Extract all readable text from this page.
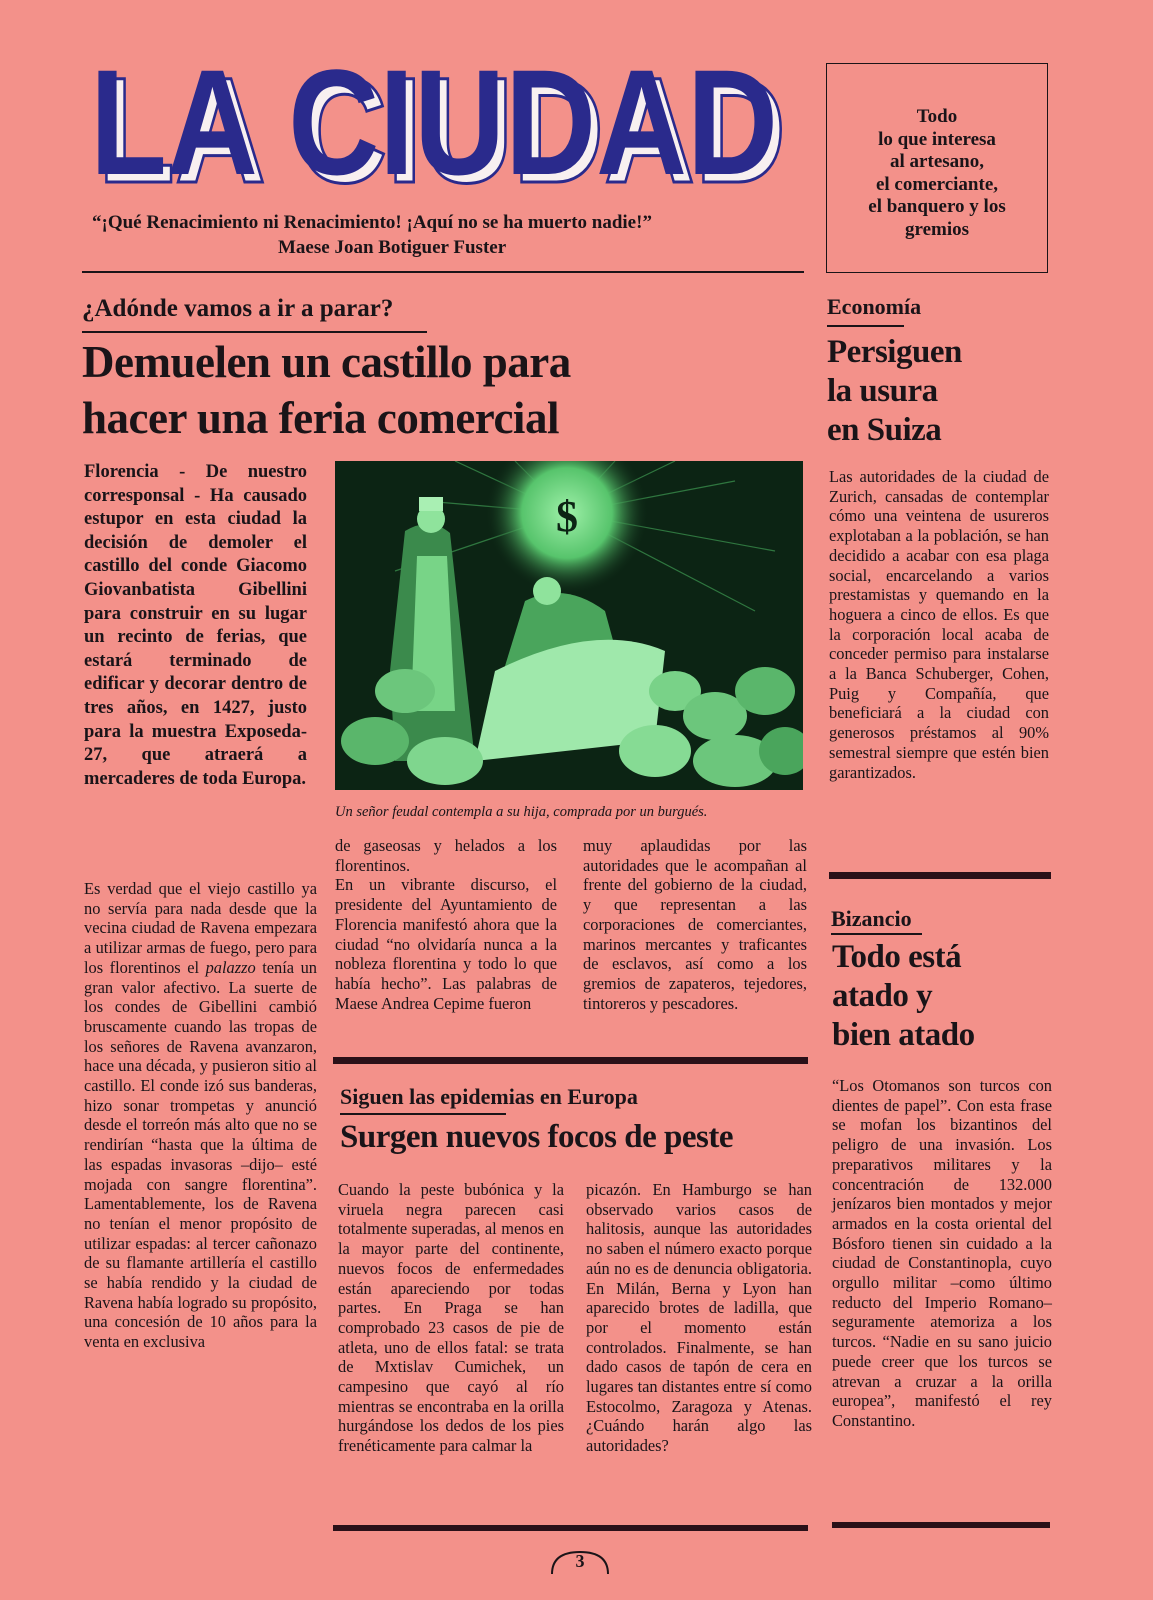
LA CIUDAD
LA CIUDAD
“¡Qué Renacimiento ni Renacimiento! ¡Aquí no se ha muerto nadie!”
Maese Joan Botiguer Fuster
Todo
lo que interesa
al artesano,
el comerciante,
el banquero y los
gremios
¿Adónde vamos a ir a parar?
Demuelen un castillo para
hacer una feria comercial
Florencia - De nuestro corresponsal - Ha causado estupor en esta ciudad la decisión de demoler el castillo del conde Giacomo Giovanbatista Gibellini para construir en su lugar un recinto de ferias, que estará terminado de edificar y decorar dentro de tres años, en 1427, justo para la muestra Exposeda-27, que atraerá a mercaderes de toda Europa.
$
Un señor feudal contempla a su hija, comprada por un burgués.

Es verdad que el viejo castillo ya no servía para nada desde que la vecina ciudad de Ravena empezara a utilizar armas de fuego, pero para los florentinos el palazzo tenía un gran valor afectivo. La suerte de los condes de Gibellini cambió bruscamente cuando las tropas de los señores de Ravena avanzaron, hace una década, y pusieron sitio al castillo. El conde izó sus banderas, hizo sonar trompetas y anunció desde el torreón más alto que no se rendirían “hasta que la última de las espadas invasoras –dijo– esté mojada con sangre florentina”. Lamentablemente, los de Ravena no tenían el menor propósito de utilizar espadas: al tercer cañonazo de su flamante artillería el castillo se había rendido y la ciudad de Ravena había logrado su propósito, una concesión de 10 años para la venta en exclusiva

de gaseosas y helados a los florentinos.

En un vibrante discurso, el presidente del Ayuntamiento de Florencia manifestó ahora que la ciudad “no olvidaría nunca a la nobleza florentina y todo lo que había hecho”. Las palabras de Maese Andrea Cepime fueron

muy aplaudidas por las autoridades que le acompañan al frente del gobierno de la ciudad, y que representan a las corporaciones de comerciantes, marinos mercantes y traficantes de esclavos, así como a los gremios de zapateros, tejedores, tintoreros y pescadores.

Economía
Persiguen
la usura
en Suiza
Las autoridades de la ciudad de Zurich, cansadas de contemplar cómo una veintena de usureros explotaban a la población, se han decidido a acabar con esa plaga social, encarcelando a varios prestamistas y quemando en la hoguera a cinco de ellos. Es que la corporación local acaba de conceder permiso para instalarse a la Banca Schuberger, Cohen, Puig y Compañía, que beneficiará a la ciudad con generosos préstamos al 90% semestral siempre que estén bien garantizados.
Bizancio
Todo está
atado y
bien atado
“Los Otomanos son turcos con dientes de papel”. Con esta frase se mofan los bizantinos del peligro de una invasión. Los preparativos militares y la concentración de 132.000 jenízaros bien montados y mejor armados en la costa oriental del Bósforo tienen sin cuidado a la ciudad de Constantinopla, cuyo orgullo militar –como último reducto del Imperio Romano– seguramente atemoriza a los turcos. “Nadie en su sano juicio puede creer que los turcos se atrevan a cruzar a la orilla europea”, manifestó el rey Constantino.
Siguen las epidemias en Europa
Surgen nuevos focos de peste
Cuando la peste bubónica y la viruela negra parecen casi totalmente superadas, al menos en la mayor parte del continente, nuevos focos de enfermedades están apareciendo por todas partes. En Praga se han comprobado 23 casos de pie de atleta, uno de ellos fatal: se trata de Mxtislav Cumichek, un campesino que cayó al río mientras se encontraba en la orilla hurgándose los dedos de los pies frenéticamente para calmar la
picazón. En Hamburgo se han observado varios casos de halitosis, aunque las autoridades no saben el número exacto porque aún no es de denuncia obligatoria. En Milán, Berna y Lyon han aparecido brotes de ladilla, que por el momento están controlados. Finalmente, se han dado casos de tapón de cera en lugares tan distantes entre sí como Estocolmo, Zaragoza y Atenas. ¿Cuándo harán algo las autoridades?
3
